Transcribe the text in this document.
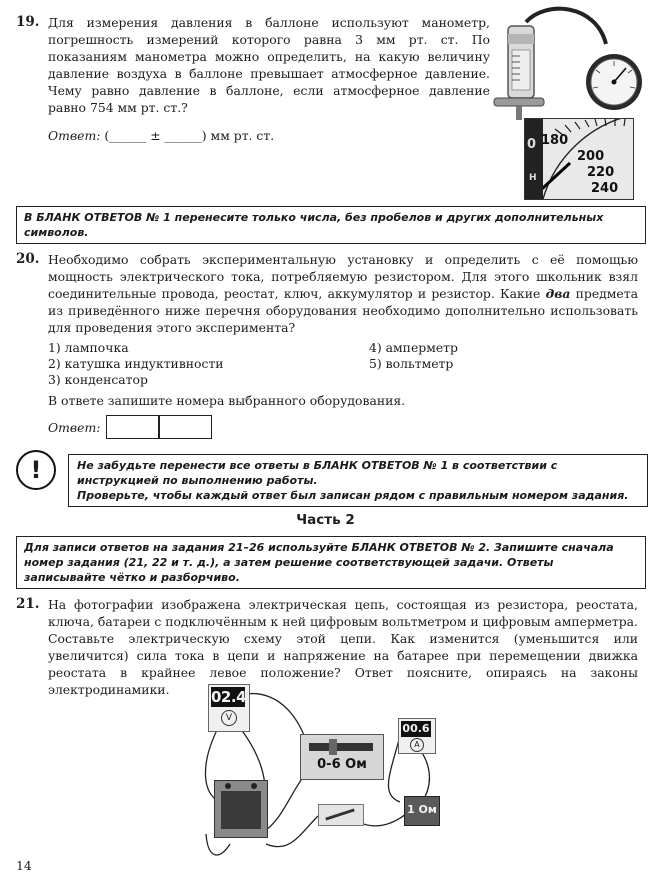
19. Для измерения давления в баллоне используют манометр, погрешность измерений которого равна 3 мм рт. ст. По показаниям манометра можно определить, на какую величину давление воздуха в баллоне превышает атмосферное давление. Чему равно давление в баллоне, если атмосферное давление равно 754 мм рт. ст.?
Ответ: (______ ± ______) мм рт. ст.
0
H
180
200
220
240
В БЛАНК ОТВЕТОВ № 1 перенесите только числа, без пробелов и других дополнительных символов.
20. Необходимо собрать экспериментальную установку и определить с её помощью мощность электрического тока, потребляемую резистором. Для этого школьник взял соединительные провода, реостат, ключ, аккумулятор и резистор. Какие два предмета из приведённого ниже перечня оборудования необходимо дополнительно использовать для проведения этого эксперимента?
1) лампочка
2) катушка индуктивности
3) конденсатор
4) амперметр
5) вольтметр
В ответе запишите номера выбранного оборудования.
Ответ:
!	Не забудьте перенести все ответы в БЛАНК ОТВЕТОВ № 1 в соответствии с инструкцией по выполнению работы.
Проверьте, чтобы каждый ответ был записан рядом с правильным номером задания.
Часть 2
Для записи ответов на задания 21–26 используйте БЛАНК ОТВЕТОВ № 2. Запишите сначала номер задания (21, 22 и т. д.), а затем решение соответствующей задачи. Ответы записывайте чётко и разборчиво.
21. На фотографии изображена электрическая цепь, состоящая из резистора, реостата, ключа, батареи с подключённым к ней цифровым вольтметром и цифровым амперметра. Составьте электрическую схему этой цепи. Как изменится (уменьшится или увеличится) сила тока в цепи и напряжение на батарее при перемещении движка реостата в крайнее левое положение? Ответ поясните, опираясь на законы электродинамики.	02.4
V
0-6 Ом
00.6
A
1 Ом
14
